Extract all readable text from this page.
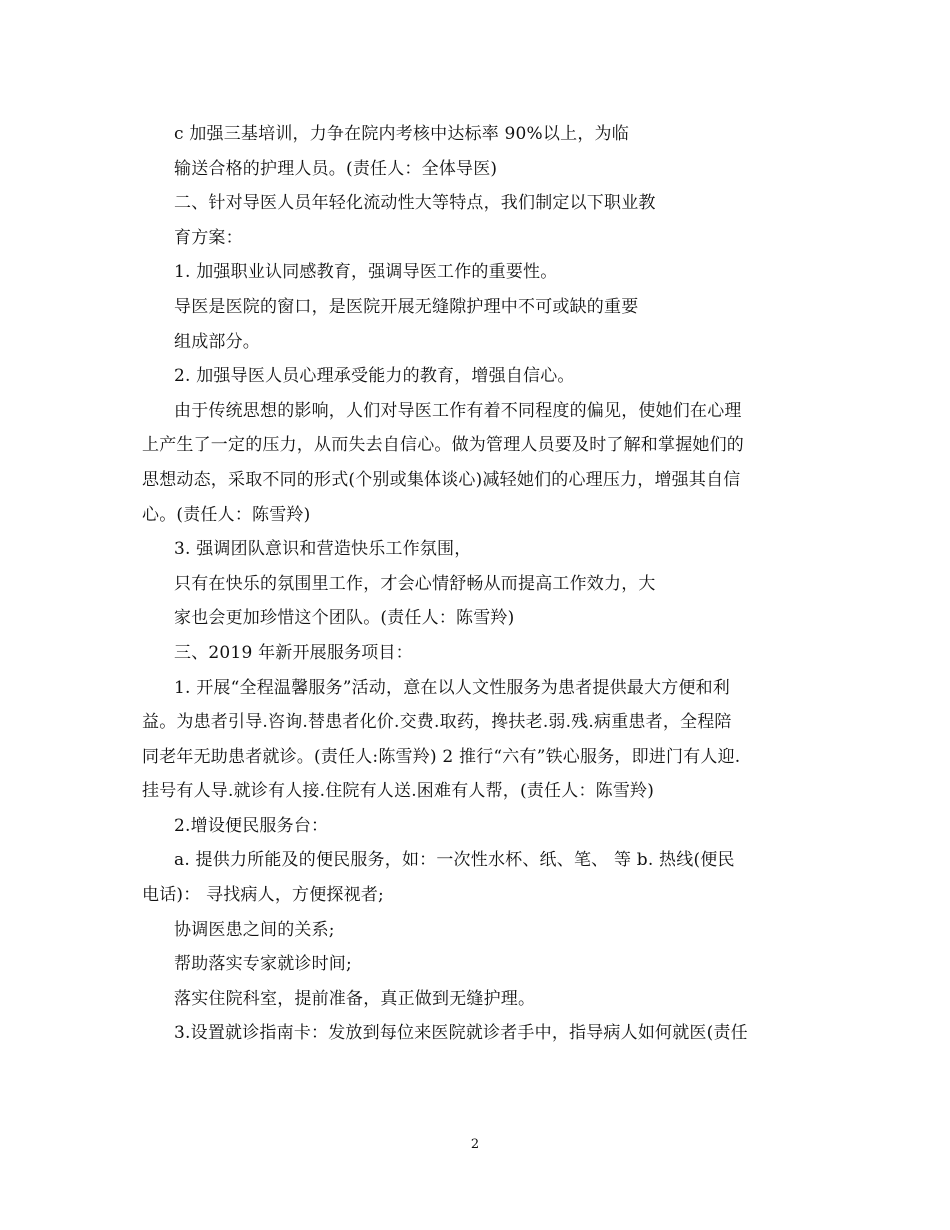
c 加强三基培训，力争在院内考核中达标率 90%以上，为临
输送合格的护理人员。(责任人：全体导医)
二、针对导医人员年轻化流动性大等特点，我们制定以下职业教
育方案：
1. 加强职业认同感教育，强调导医工作的重要性。
导医是医院的窗口，是医院开展无缝隙护理中不可或缺的重要
组成部分。
2. 加强导医人员心理承受能力的教育，增强自信心。
由于传统思想的影响，人们对导医工作有着不同程度的偏见，使她们在心理
上产生了一定的压力，从而失去自信心。做为管理人员要及时了解和掌握她们的
思想动态，采取不同的形式(个别或集体谈心)减轻她们的心理压力，增强其自信
心。(责任人：陈雪羚)
3. 强调团队意识和营造快乐工作氛围，
只有在快乐的氛围里工作，才会心情舒畅从而提高工作效力，大
家也会更加珍惜这个团队。(责任人：陈雪羚)
三、2019 年新开展服务项目：
1. 开展“全程温馨服务”活动，意在以人文性服务为患者提供最大方便和利
益。为患者引导.咨询.替患者化价.交费.取药，搀扶老.弱.残.病重患者，全程陪
同老年无助患者就诊。(责任人:陈雪羚) 2 推行“六有”铁心服务，即进门有人迎.
挂号有人导.就诊有人接.住院有人送.困难有人帮，(责任人：陈雪羚)
2.增设便民服务台：
a. 提供力所能及的便民服务，如：一次性水杯、纸、笔、 等 b. 热线(便民
电话)： 寻找病人，方便探视者;
协调医患之间的关系;
帮助落实专家就诊时间;
落实住院科室，提前准备，真正做到无缝护理。
3.设置就诊指南卡：发放到每位来医院就诊者手中，指导病人如何就医(责任
2
